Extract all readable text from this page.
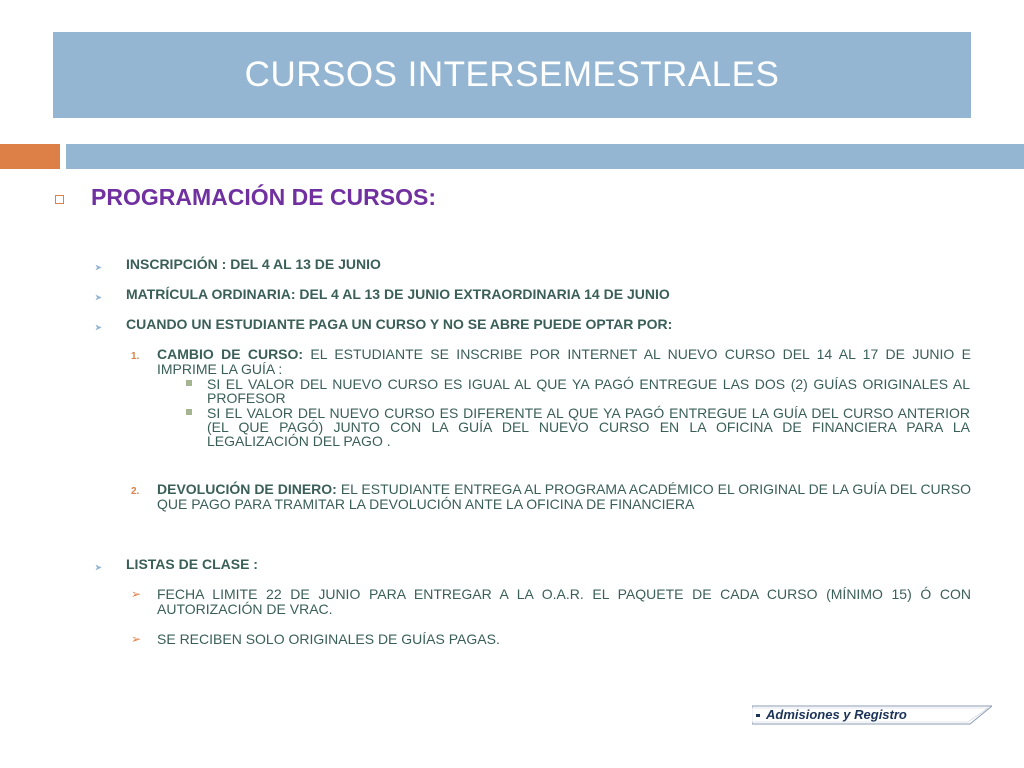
CURSOS INTERSEMESTRALES
PROGRAMACIÓN DE CURSOS:
➤ INSCRIPCIÓN : DEL 4 AL 13 DE JUNIO
➤ MATRÍCULA ORDINARIA: DEL 4 AL 13 DE JUNIO EXTRAORDINARIA 14 DE JUNIO
➤ CUANDO UN ESTUDIANTE PAGA UN CURSO Y NO SE ABRE PUEDE OPTAR POR:
1. CAMBIO DE CURSO: EL ESTUDIANTE SE INSCRIBE POR INTERNET AL NUEVO CURSO DEL 14 AL 17 DE JUNIO E IMPRIME LA GUÍA :
SI EL VALOR DEL NUEVO CURSO ES IGUAL AL QUE YA PAGÓ ENTREGUE LAS DOS (2) GUÍAS ORIGINALES AL PROFESOR
SI EL VALOR DEL NUEVO CURSO ES DIFERENTE AL QUE YA PAGÓ ENTREGUE LA GUÍA DEL CURSO ANTERIOR (EL QUE PAGÓ) JUNTO CON LA GUÍA DEL NUEVO CURSO EN LA OFICINA DE FINANCIERA PARA LA LEGALIZACIÓN DEL PAGO .
2. DEVOLUCIÓN DE DINERO: EL ESTUDIANTE ENTREGA AL PROGRAMA ACADÉMICO EL ORIGINAL DE LA GUÍA DEL CURSO QUE PAGO PARA TRAMITAR LA DEVOLUCIÓN ANTE LA OFICINA DE FINANCIERA
➤ LISTAS DE CLASE :
➢ FECHA LIMITE 22 DE JUNIO PARA ENTREGAR A LA O.A.R. EL PAQUETE DE CADA CURSO (MÍNIMO 15) Ó CON AUTORIZACIÓN DE VRAC.
➢ SE RECIBEN SOLO ORIGINALES DE GUÍAS PAGAS.
Admisiones y Registro
